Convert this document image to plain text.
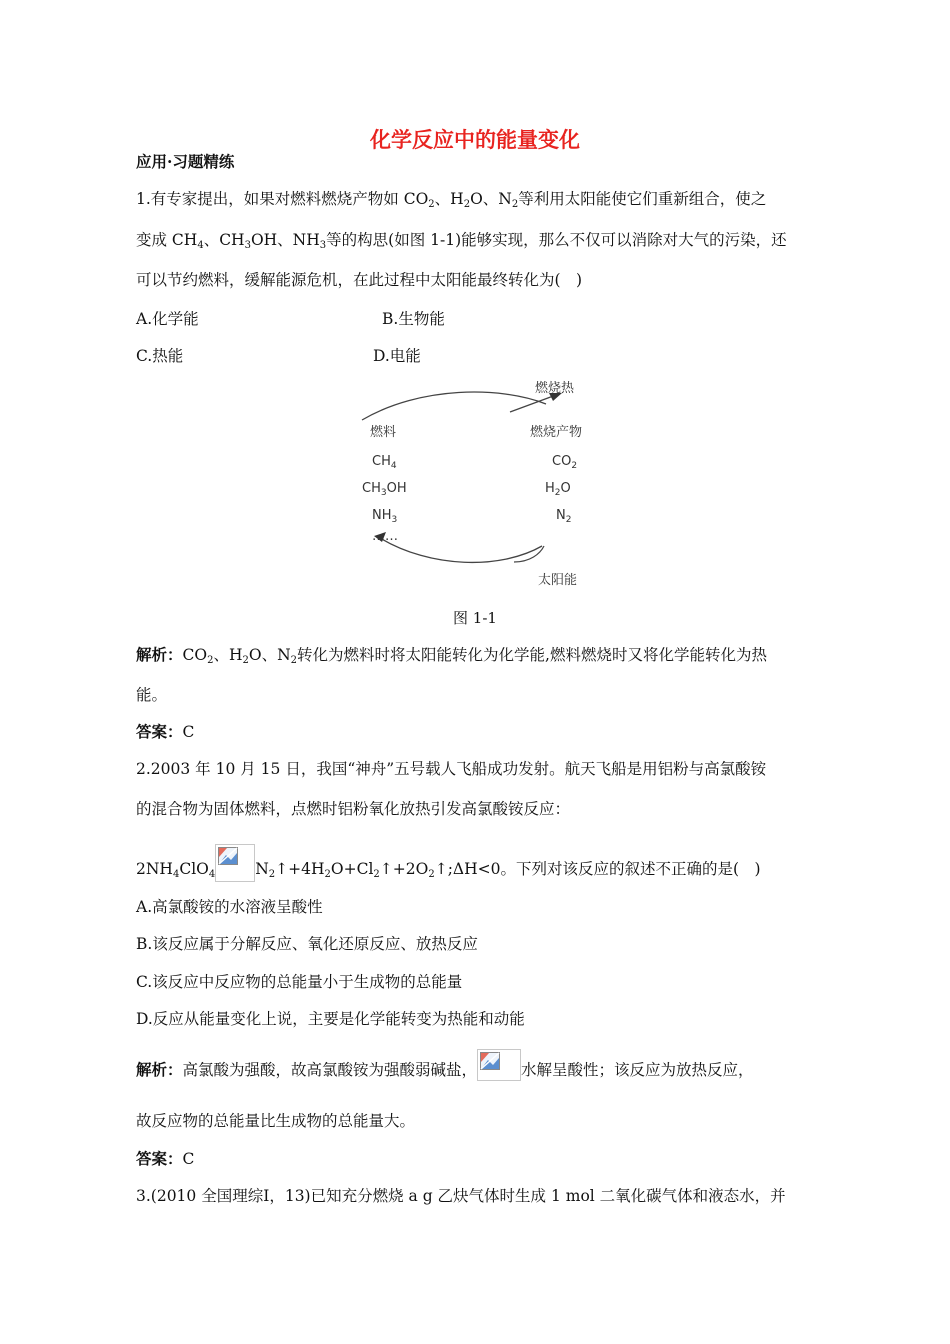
化学反应中的能量变化
应用·习题精练
1.有专家提出，如果对燃料燃烧产物如 $CO_2$、$H_2O$、$N_2$等利用太阳能使它们重新组合，使之
变成 $CH_4$、$CH_3OH$、$NH_3$等的构思(如图 1-1)能够实现，那么不仅可以消除对大气的污染，还
可以节约燃料，缓解能源危机，在此过程中太阳能最终转化为(　)
A.化学能	B.生物能
C.热能	D.电能
燃烧热
燃料	燃烧产物
$CH_4$
$CH_3OH$
$NH_3$
……
$CO_2$
$H_2O$
$N_2$
太阳能
图 1-1
解析：$CO_2$、$H_2O$、$N_2$转化为燃料时将太阳能转化为化学能,燃料燃烧时又将化学能转化为热
能。
答案：C
2.2003 年 10 月 15 日，我国“神舟”五号载人飞船成功发射。航天飞船是用铝粉与高氯酸铵
的混合物为固体燃料，点燃时铝粉氧化放热引发高氯酸铵反应：
$2NH_4ClO_4$	$N_2↑+4H_2O+Cl_2↑+2O_2↑;\Delta H<0$。下列对该反应的叙述不正确的是(　)
A.高氯酸铵的水溶液呈酸性
B.该反应属于分解反应、氧化还原反应、放热反应
C.该反应中反应物的总能量小于生成物的总能量
D.反应从能量变化上说，主要是化学能转变为热能和动能
解析：高氯酸为强酸，故高氯酸铵为强酸弱碱盐，	水解呈酸性；该反应为放热反应，
故反应物的总能量比生成物的总能量大。
答案：C
3.(2010 全国理综Ⅰ，13)已知充分燃烧 a g 乙炔气体时生成 1 mol 二氧化碳气体和液态水，并
